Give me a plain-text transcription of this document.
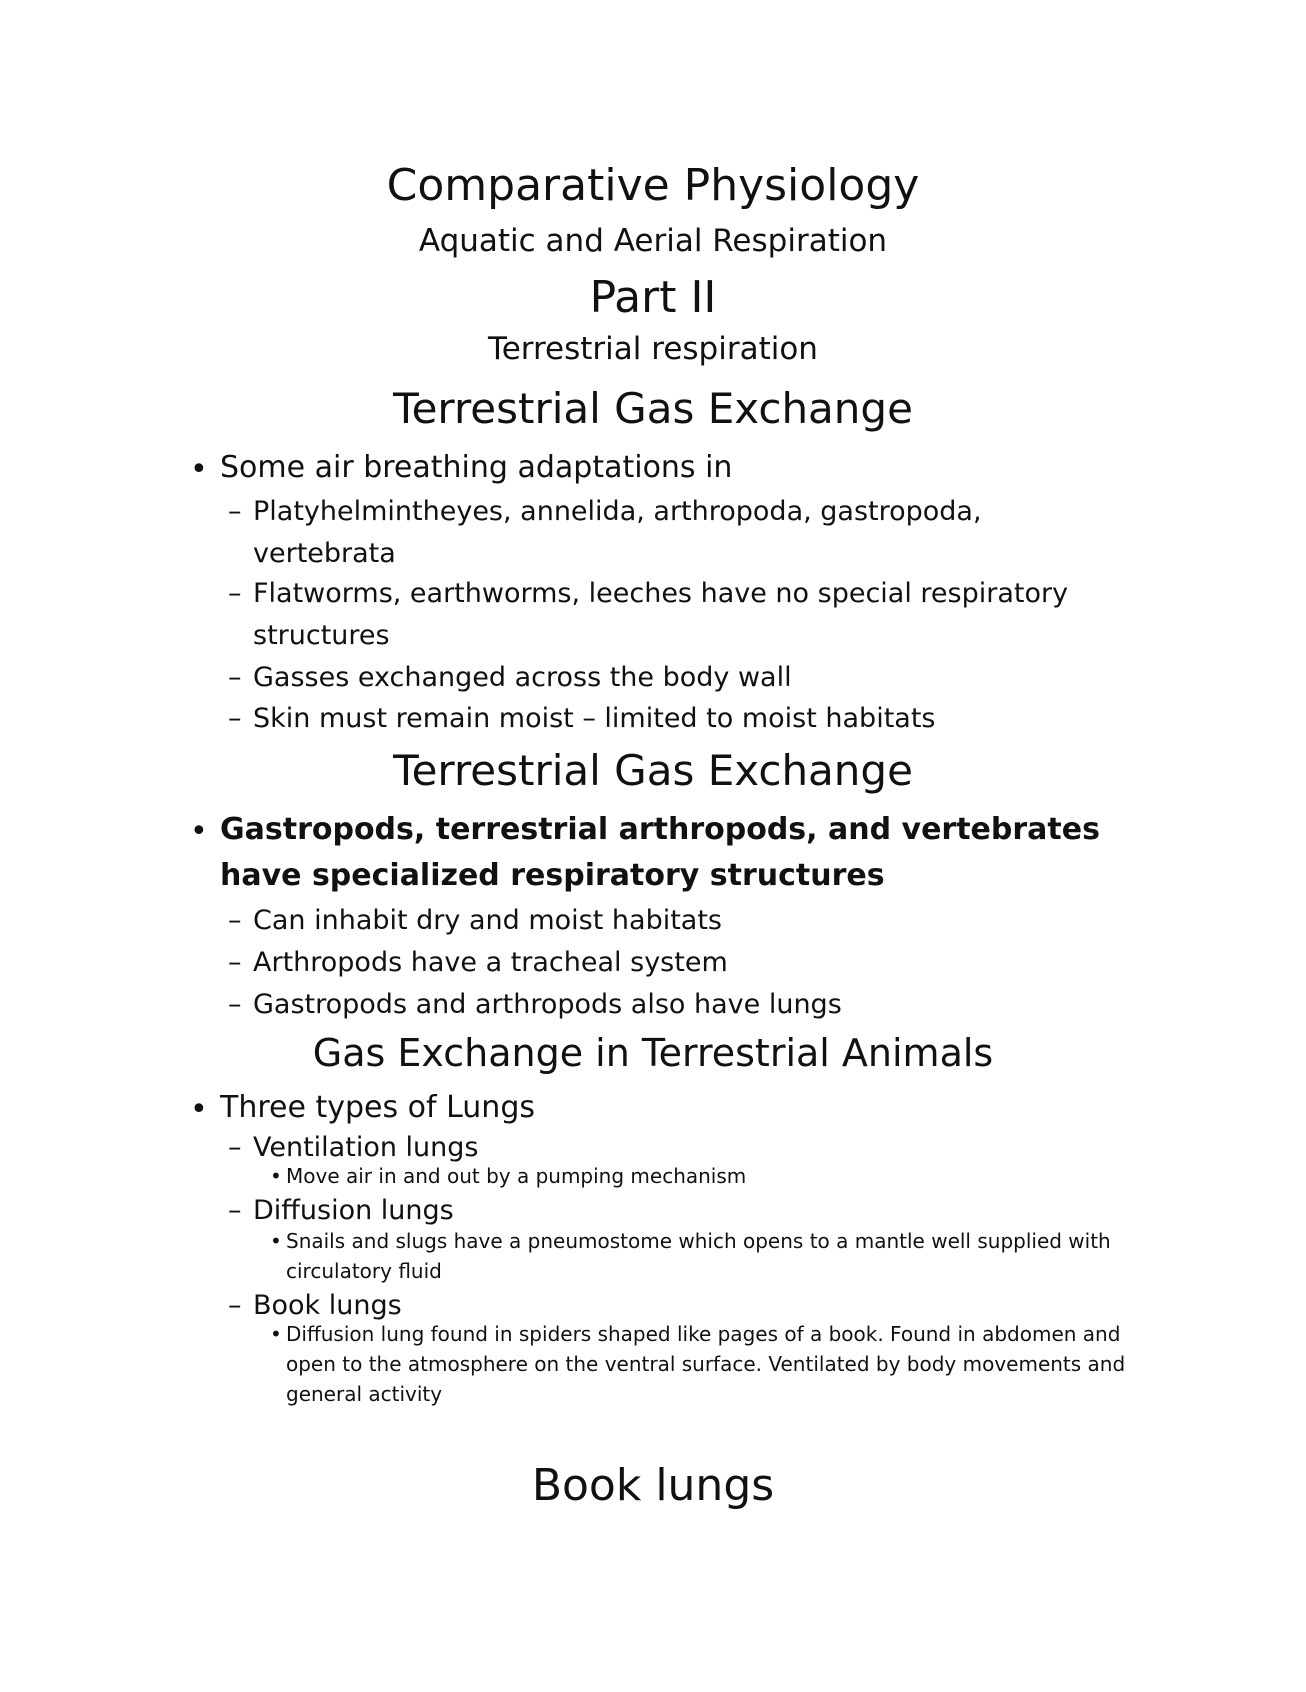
Comparative Physiology
Aquatic and Aerial Respiration
Part II
Terrestrial respiration
Terrestrial Gas Exchange
• Some air breathing adaptations in
– Platyhelmintheyes, annelida, arthropoda, gastropoda,
vertebrata
– Flatworms, earthworms, leeches have no special respiratory
structures
– Gasses exchanged across the body wall
– Skin must remain moist – limited to moist habitats
Terrestrial Gas Exchange
• Gastropods, terrestrial arthropods, and vertebrates
have specialized respiratory structures
– Can inhabit dry and moist habitats
– Arthropods have a tracheal system
– Gastropods and arthropods also have lungs
Gas Exchange in Terrestrial Animals
• Three types of Lungs
– Ventilation lungs
• Move air in and out by a pumping mechanism
– Diffusion lungs
• Snails and slugs have a pneumostome which opens to a mantle well supplied with
circulatory fluid
– Book lungs
• Diffusion lung found in spiders shaped like pages of a book. Found in abdomen and
open to the atmosphere on the ventral surface. Ventilated by body movements and
general activity
Book lungs
